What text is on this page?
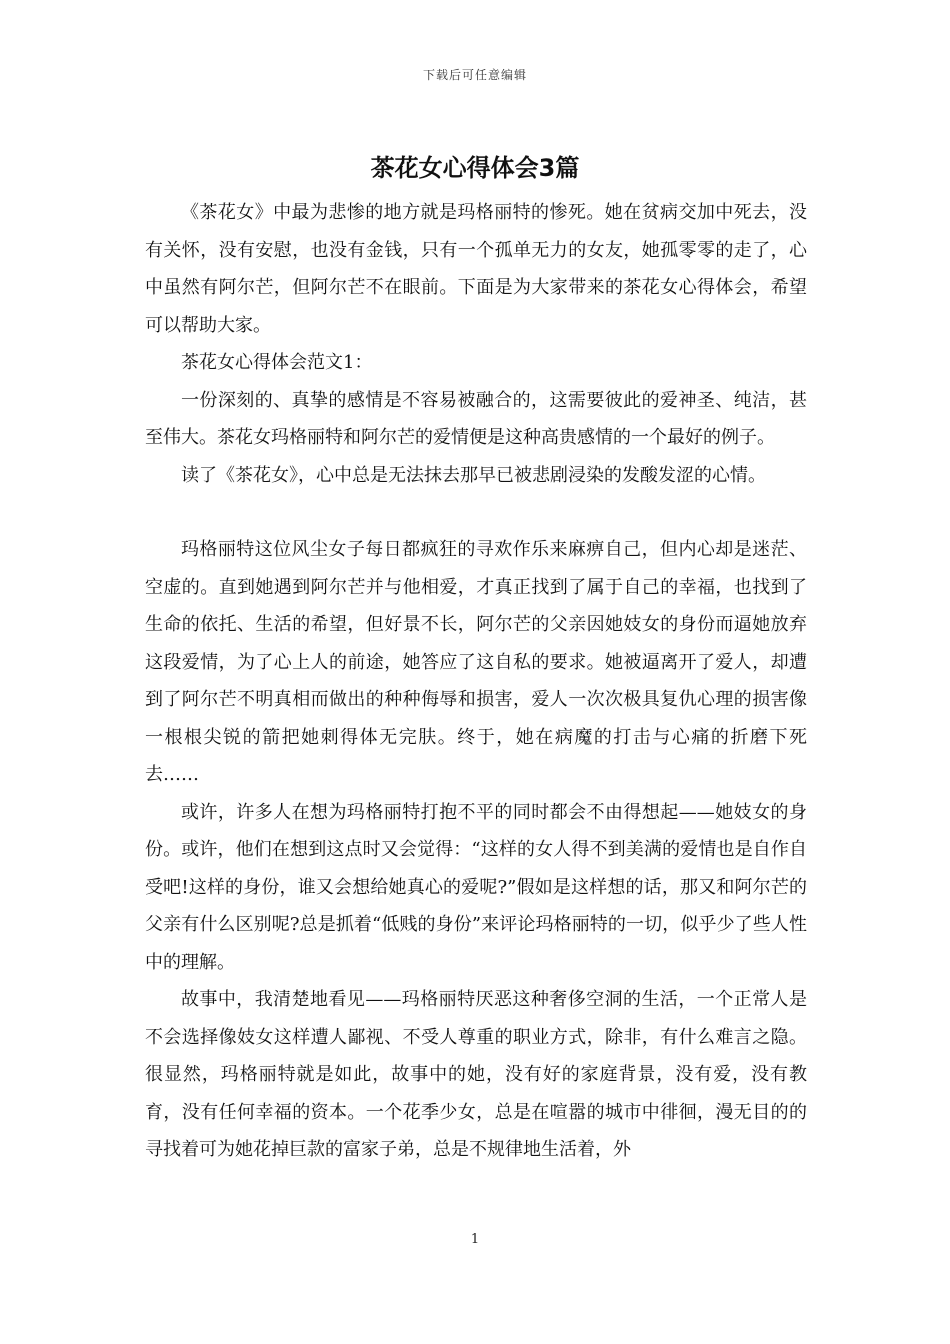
下载后可任意编辑
茶花女心得体会3篇

《茶花女》中最为悲惨的地方就是玛格丽特的惨死。她在贫病交加中死去，没有关怀，没有安慰，也没有金钱，只有一个孤单无力的女友，她孤零零的走了，心中虽然有阿尔芒，但阿尔芒不在眼前。下面是为大家带来的茶花女心得体会，希望可以帮助大家。

茶花女心得体会范文1：

一份深刻的、真挚的感情是不容易被融合的，这需要彼此的爱神圣、纯洁，甚至伟大。茶花女玛格丽特和阿尔芒的爱情便是这种高贵感情的一个最好的例子。

读了《茶花女》，心中总是无法抹去那早已被悲剧浸染的发酸发涩的心情。

玛格丽特这位风尘女子每日都疯狂的寻欢作乐来麻痹自己，但内心却是迷茫、空虚的。直到她遇到阿尔芒并与他相爱，才真正找到了属于自己的幸福，也找到了生命的依托、生活的希望，但好景不长，阿尔芒的父亲因她妓女的身份而逼她放弃这段爱情，为了心上人的前途，她答应了这自私的要求。她被逼离开了爱人，却遭到了阿尔芒不明真相而做出的种种侮辱和损害，爱人一次次极具复仇心理的损害像一根根尖锐的箭把她刺得体无完肤。终于，她在病魔的打击与心痛的折磨下死去……

或许，许多人在想为玛格丽特打抱不平的同时都会不由得想起——她妓女的身份。或许，他们在想到这点时又会觉得：“这样的女人得不到美满的爱情也是自作自受吧!这样的身份，谁又会想给她真心的爱呢?”假如是这样想的话，那又和阿尔芒的父亲有什么区别呢?总是抓着“低贱的身份”来评论玛格丽特的一切，似乎少了些人性中的理解。

故事中，我清楚地看见——玛格丽特厌恶这种奢侈空洞的生活，一个正常人是不会选择像妓女这样遭人鄙视、不受人尊重的职业方式，除非，有什么难言之隐。很显然，玛格丽特就是如此，故事中的她，没有好的家庭背景，没有爱，没有教育，没有任何幸福的资本。一个花季少女，总是在喧嚣的城市中徘徊，漫无目的的寻找着可为她花掉巨款的富家子弟，总是不规律地生活着，外

1
